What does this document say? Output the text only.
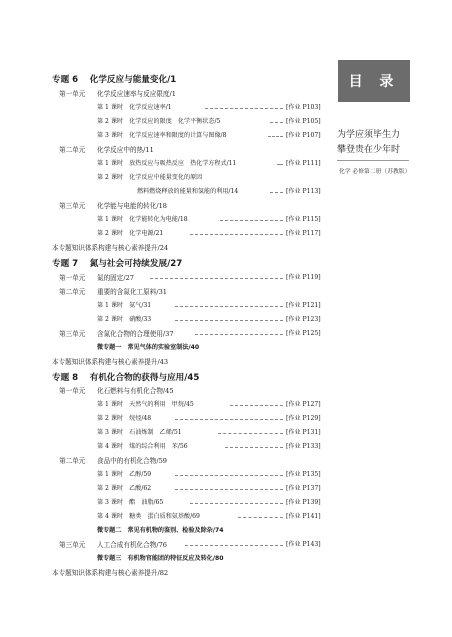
目 录
为学应须毕生力
攀登贵在少年时
化学 必修第二册（苏教版）
专题 6　 化学反应与能量变化/1
第一单元 化学反应速率与反应限度/1
第 1 课时　化学反应速率/1	[作业 P103]
第 2 课时　化学反应的限度　化学平衡状态/5	[作业 P105]
第 3 课时　化学反应速率和限度的计算与图像/8	[作业 P107]
第二单元 化学反应中的热/11
第 1 课时　放热反应与吸热反应　热化学方程式/11	[作业 P111]
第 2 课时　化学反应中能量变化的原因
燃料燃烧释放的能量和氢能的利用/14	[作业 P113]
第三单元 化学能与电能的转化/18
第 1 课时　化学能转化为电能/18	[作业 P115]
第 2 课时　化学电源/21	[作业 P117]
本专题知识体系构建与核心素养提升/24
专题 7　 氮与社会可持续发展/27
第一单元 氮的固定/27	[作业 P119]
第二单元 重要的含氮化工原料/31
第 1 课时　氨气/31	[作业 P121]
第 2 课时　硝酸/33	[作业 P123]
第三单元 含氮化合物的合理使用/37	[作业 P125]
微专题一　常见气体的实验室制法/40
本专题知识体系构建与核心素养提升/43
专题 8　 有机化合物的获得与应用/45
第一单元 化石燃料与有机化合物/45
第 1 课时　天然气的利用　甲烷/45	[作业 P127]
第 2 课时　烷烃/48	[作业 P129]
第 3 课时　石油炼制　乙烯/51	[作业 P131]
第 4 课时　煤的综合利用　苯/56	[作业 P133]
第二单元 食品中的有机化合物/59
第 1 课时　乙醇/59	[作业 P135]
第 2 课时　乙酸/62	[作业 P137]
第 3 课时　酯　油脂/65	[作业 P139]
第 4 课时　糖类　蛋白质和氨基酸/69	[作业 P141]
微专题二　常见有机物的鉴别、检验及除杂/74
第三单元 人工合成有机化合物/76	[作业 P143]
微专题三　有机物官能团的特征反应及转化/80
本专题知识体系构建与核心素养提升/82
